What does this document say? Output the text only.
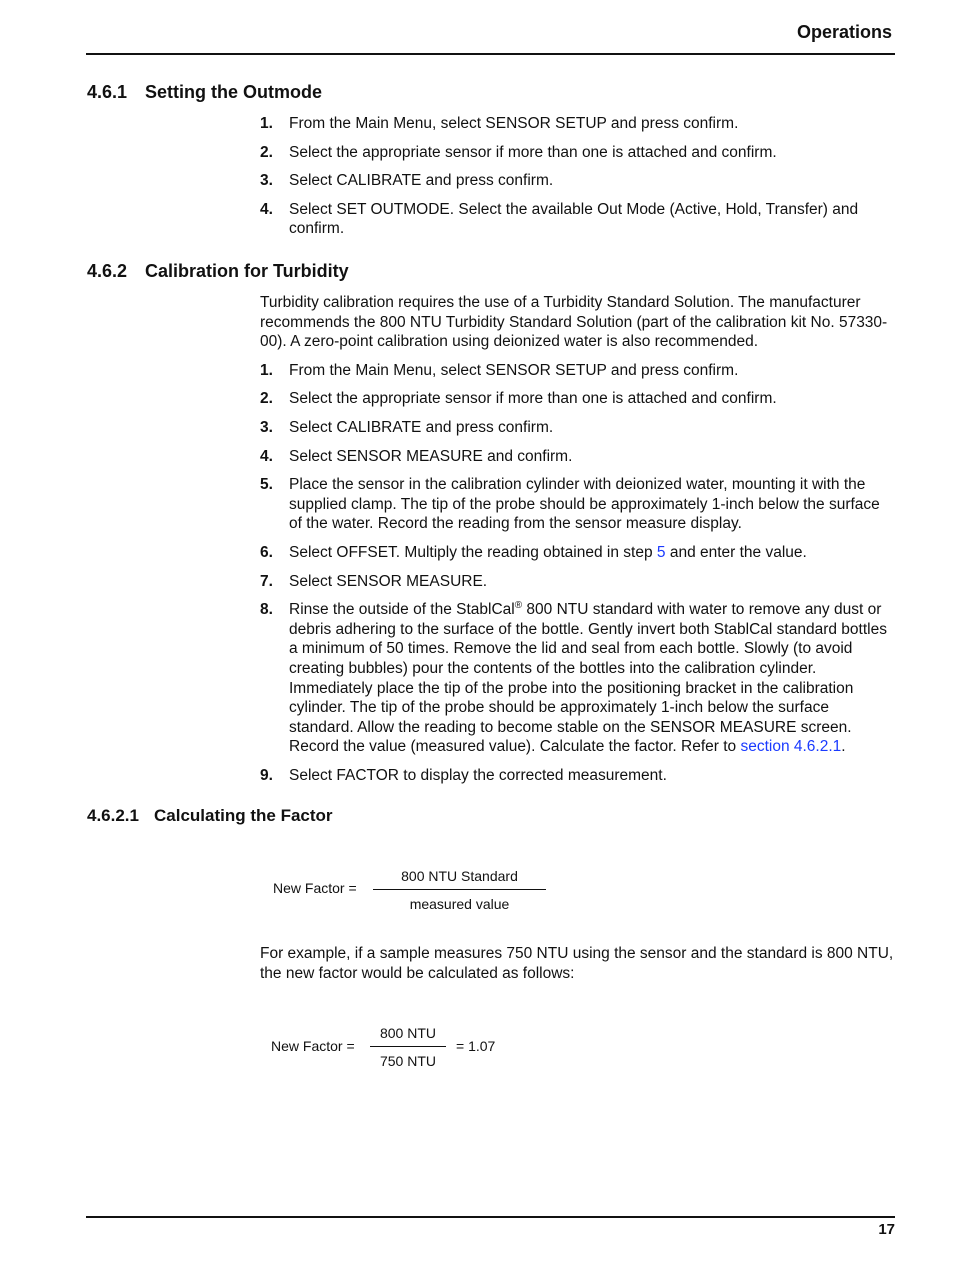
Operations
4.6.1 Setting the Outmode
1. From the Main Menu, select SENSOR SETUP and press confirm.
2. Select the appropriate sensor if more than one is attached and confirm.
3. Select CALIBRATE and press confirm.
4. Select SET OUTMODE. Select the available Out Mode (Active, Hold, Transfer) and confirm.
4.6.2 Calibration for Turbidity

Turbidity calibration requires the use of a Turbidity Standard Solution. The manufacturer recommends the 800 NTU Turbidity Standard Solution (part of the calibration kit No. 57330-00). A zero-point calibration using deionized water is also recommended.

1. From the Main Menu, select SENSOR SETUP and press confirm.
2. Select the appropriate sensor if more than one is attached and confirm.
3. Select CALIBRATE and press confirm.
4. Select SENSOR MEASURE and confirm.
5. Place the sensor in the calibration cylinder with deionized water, mounting it with the supplied clamp. The tip of the probe should be approximately 1-inch below the surface of the water. Record the reading from the sensor measure display.
6. Select OFFSET. Multiply the reading obtained in step 5 and enter the value.
7. Select SENSOR MEASURE.
8. Rinse the outside of the StablCal® 800 NTU standard with water to remove any dust or debris adhering to the surface of the bottle. Gently invert both StablCal standard bottles a minimum of 50 times. Remove the lid and seal from each bottle. Slowly (to avoid creating bubbles) pour the contents of the bottles into the calibration cylinder. Immediately place the tip of the probe into the positioning bracket in the calibration cylinder. The tip of the probe should be approximately 1-inch below the surface standard. Allow the reading to become stable on the SENSOR MEASURE screen. Record the value (measured value). Calculate the factor. Refer to section 4.6.2.1.
9. Select FACTOR to display the corrected measurement.
4.6.2.1 Calculating the Factor
New Factor =
800 NTU Standard
measured value

For example, if a sample measures 750 NTU using the sensor and the standard is 800 NTU, the new factor would be calculated as follows:

New Factor =
800 NTU
750 NTU
= 1.07
17
